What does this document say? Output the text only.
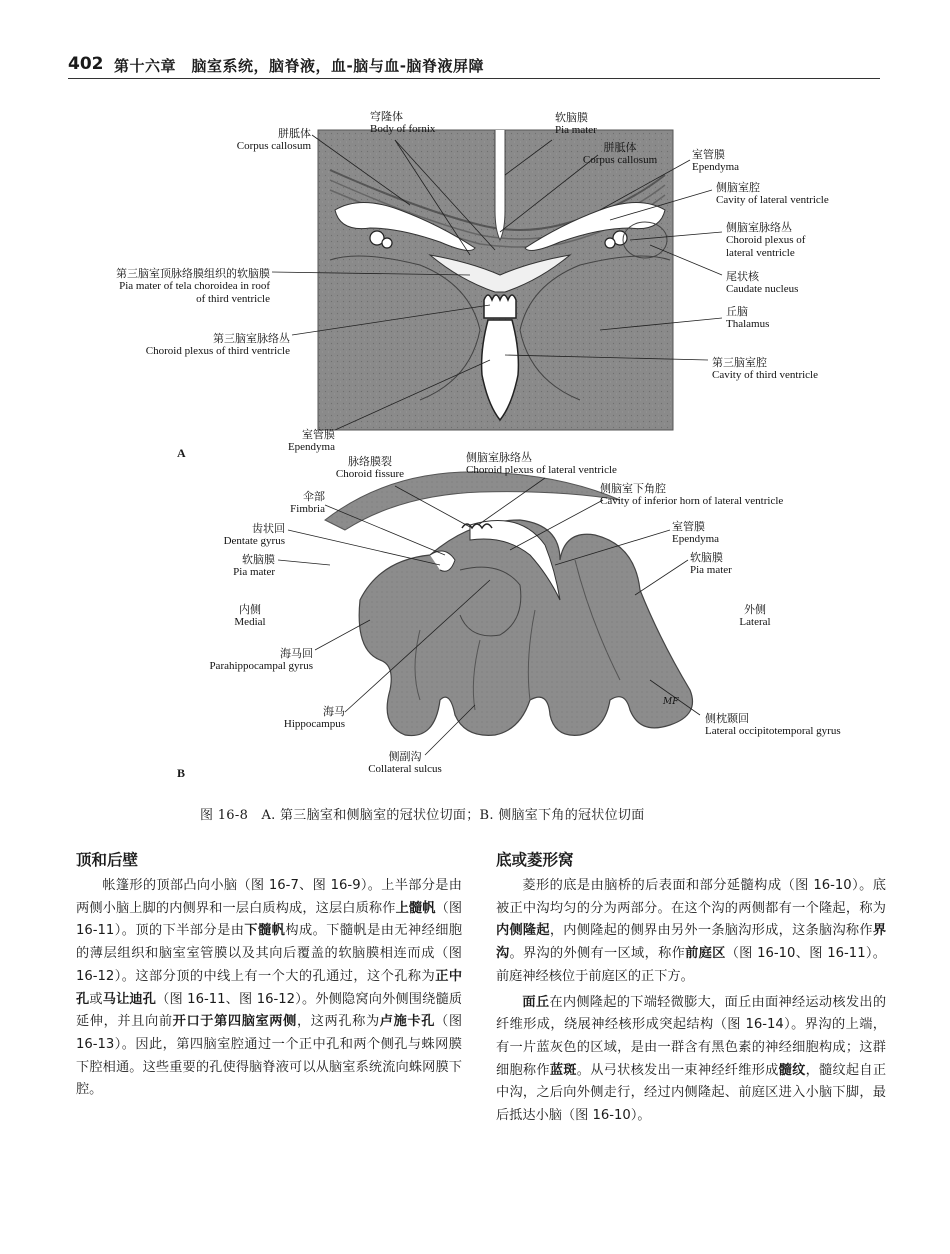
402 第十六章　脑室系统，脑脊液，血-脑与血-脑脊液屏障
胼胝体
Corpus callosum
穹隆体
Body of fornix
软脑膜
Pia mater
胼胝体
Corpus callosum	室管膜
Ependyma
侧脑室腔
Cavity of lateral ventricle
侧脑室脉络丛
Choroid plexus of
lateral ventricle
尾状核
Caudate nucleus
丘脑
Thalamus
第三脑室腔
Cavity of third ventricle
第三脑室顶脉络膜组织的软脑膜
Pia mater of tela choroidea in roof
of third ventricle
第三脑室脉络丛
Choroid plexus of third ventricle
室管膜
Ependyma
A
脉络膜裂
Choroid fissure
侧脑室脉络丛
Choroid plexus of lateral ventricle
侧脑室下角腔
Cavity of inferior horn of lateral ventricle
伞部
Fimbria
齿状回
Dentate gyrus
软脑膜
Pia mater
室管膜
Ependyma
软脑膜
Pia mater
内侧
Medial
外侧
Lateral
海马回
Parahippocampal gyrus
海马
Hippocampus	侧枕颞回
Lateral occipitotemporal gyrus
侧副沟
Collateral sulcus
MF
B
图 16-8　A. 第三脑室和侧脑室的冠状位切面；B. 侧脑室下角的冠状位切面
顶和后壁

帐篷形的顶部凸向小脑（图 16-7、图 16-9）。上半部分是由两侧小脑上脚的内侧界和一层白质构成，这层白质称作上髓帆（图 16-11）。顶的下半部分是由下髓帆构成。下髓帆是由无神经细胞的薄层组织和脑室室管膜以及其向后覆盖的软脑膜相连而成（图 16-12）。这部分顶的中线上有一个大的孔通过，这个孔称为正中孔或马让迪孔（图 16-11、图 16-12）。外侧隐窝向外侧围绕髓质延伸，并且向前开口于第四脑室两侧，这两孔称为卢施卡孔（图 16-13）。因此，第四脑室腔通过一个正中孔和两个侧孔与蛛网膜下腔相通。这些重要的孔使得脑脊液可以从脑室系统流向蛛网膜下腔。

底或菱形窝

菱形的底是由脑桥的后表面和部分延髓构成（图 16-10）。底被正中沟均匀的分为两部分。在这个沟的两侧都有一个隆起，称为内侧隆起，内侧隆起的侧界由另外一条脑沟形成，这条脑沟称作界沟。界沟的外侧有一区域，称作前庭区（图 16-10、图 16-11）。前庭神经核位于前庭区的正下方。

面丘在内侧隆起的下端轻微膨大，面丘由面神经运动核发出的纤维形成，绕展神经核形成突起结构（图 16-14）。界沟的上端，有一片蓝灰色的区域，是由一群含有黑色素的神经细胞构成；这群细胞称作蓝斑。从弓状核发出一束神经纤维形成髓纹，髓纹起自正中沟，之后向外侧走行，经过内侧隆起、前庭区进入小脑下脚，最后抵达小脑（图 16-10）。
